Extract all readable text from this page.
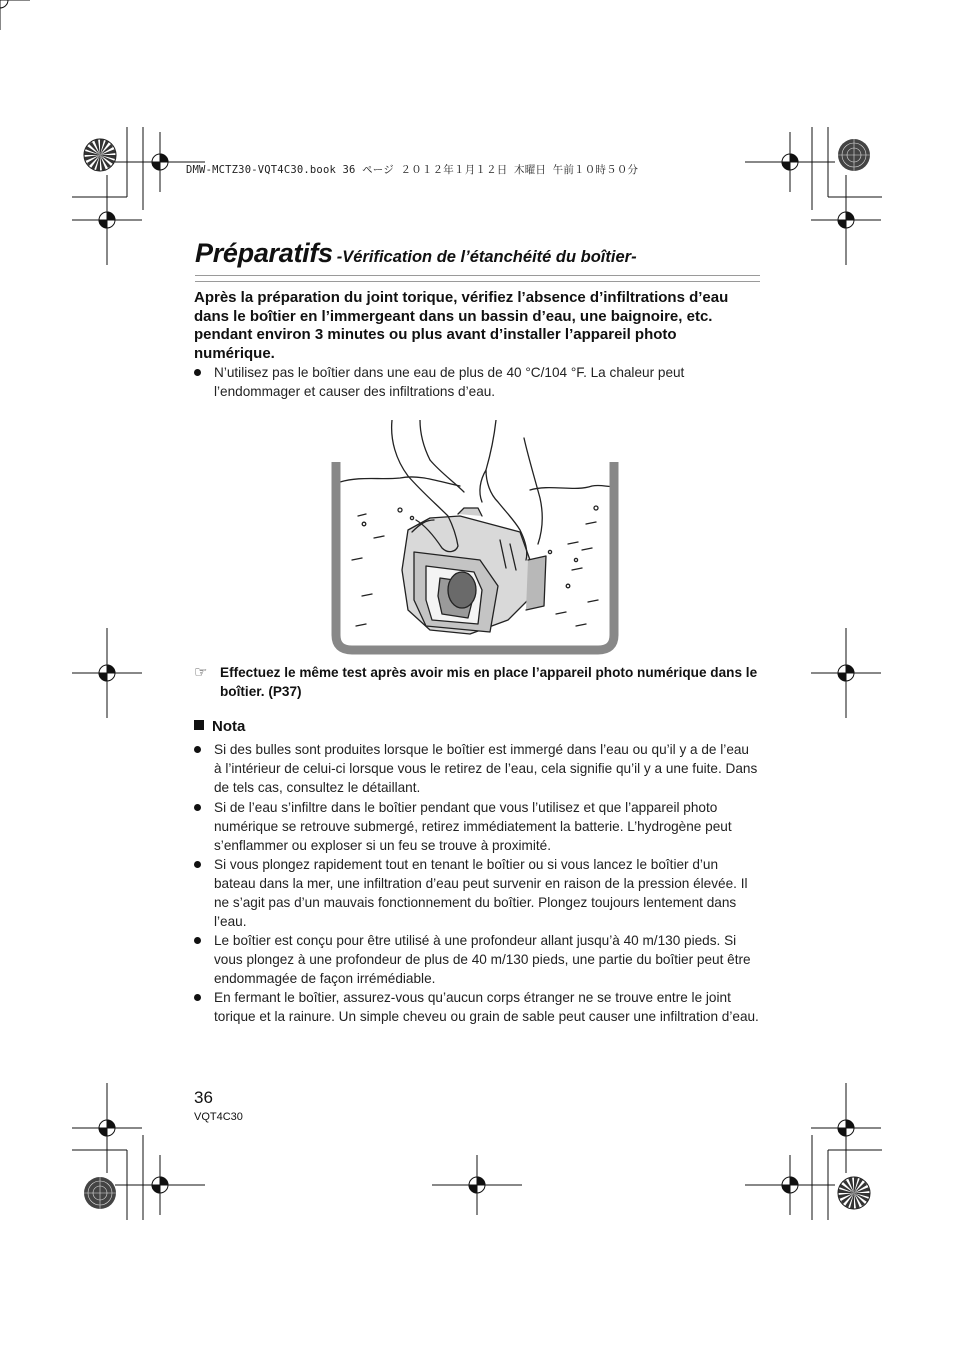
DMW-MCTZ30-VQT4C30.book 36 ページ ２０１２年１月１２日 木曜日 午前１０時５０分
Préparatifs -Vérification de l’étanchéité du boîtier-
Après la préparation du joint torique, vérifiez l’absence d’infiltrations d’eau dans le boîtier en l’immergeant dans un bassin d’eau, une baignoire, etc. pendant environ 3 minutes ou plus avant d’installer l’appareil photo numérique.
N’utilisez pas le boîtier dans une eau de plus de 40 °C/104 °F. La chaleur peut l’endommager et causer des infiltrations d’eau.
☞ Effectuez le même test après avoir mis en place l’appareil photo numérique dans le boîtier. (P37)
Nota
Si des bulles sont produites lorsque le boîtier est immergé dans l’eau ou qu’il y a de l’eau à l’intérieur de celui-ci lorsque vous le retirez de l’eau, cela signifie qu’il y a une fuite. Dans de tels cas, consultez le détaillant.
Si de l’eau s’infiltre dans le boîtier pendant que vous l’utilisez et que l’appareil photo numérique se retrouve submergé, retirez immédiatement la batterie. L’hydrogène peut s’enflammer ou exploser si un feu se trouve à proximité.
Si vous plongez rapidement tout en tenant le boîtier ou si vous lancez le boîtier d’un bateau dans la mer, une infiltration d’eau peut survenir en raison de la pression élevée. Il ne s’agit pas d’un mauvais fonctionnement du boîtier. Plongez toujours lentement dans l’eau.
Le boîtier est conçu pour être utilisé à une profondeur allant jusqu’à 40 m/130 pieds. Si vous plongez à une profondeur de plus de 40 m/130 pieds, une partie du boîtier peut être endommagée de façon irrémédiable.
En fermant le boîtier, assurez-vous qu’aucun corps étranger ne se trouve entre le joint torique et la rainure. Un simple cheveu ou grain de sable peut causer une infiltration d’eau.
36
VQT4C30
